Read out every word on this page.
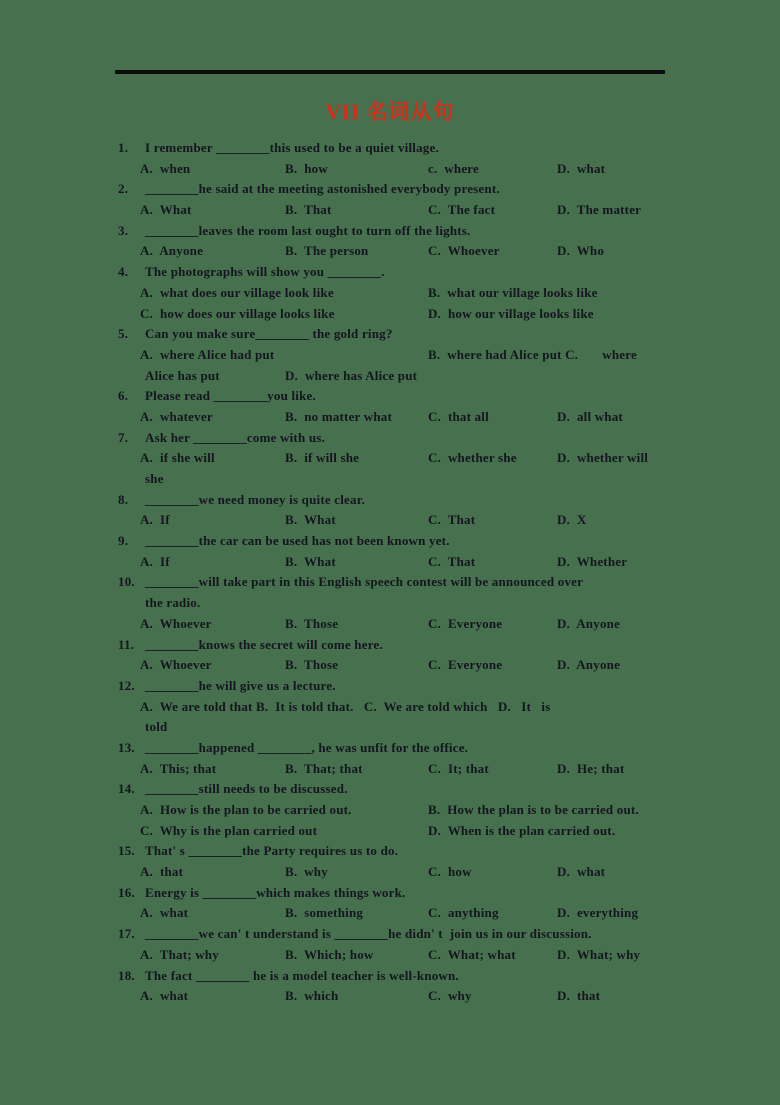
VII 名词从句
1. I remember ________this used to be a quiet village.
A.  when	B.  how	c.  where	D.  what
2. ________he said at the meeting astonished everybody present.
A.  What	B.  That	C.  The fact	D.  The matter
3. ________leaves the room last ought to turn off the lights.
A.  Anyone	B.  The person	C.  Whoever	D.  Who
4. The photographs will show you ________.
A.  what does our village look like	B.  what our village looks like
C.  how does our village looks like	D.  how our village looks like
5. Can you make sure________ the gold ring?
A.  where Alice had put	B.  where had Alice put C.       where
Alice has put	D.  where has Alice put
6. Please read ________you like.
A.  whatever	B.  no matter what	C.  that all	D.  all what
7. Ask her ________come with us.
A.  if she will	B.  if will she	C.  whether she	D.  whether will
she
8. ________we need money is quite clear.
A.  If	B.  What	C.  That	D.  X
9. ________the car can be used has not been known yet.
A.  If	B.  What	C.  That	D.  Whether
10. ________will take part in this English speech contest will be announced over
the radio.
A.  Whoever	B.  Those	C.  Everyone	D.  Anyone
11. ________knows the secret will come here.
A.  Whoever	B.  Those	C.  Everyone	D.  Anyone
12. ________he will give us a lecture.
A.  We are told that B.  It is told that.   C.  We are told which   D.   It   is
told
13. ________happened ________, he was unfit for the office.
A.  This; that	B.  That; that	C.  It; that	D.  He; that
14. ________still needs to be discussed.
A.  How is the plan to be carried out.	B.  How the plan is to be carried out.
C.  Why is the plan carried out	D.  When is the plan carried out.
15. That' s ________the Party requires us to do.
A.  that	B.  why	C.  how	D.  what
16. Energy is ________which makes things work.
A.  what	B.  something	C.  anything	D.  everything
17. ________we can' t understand is ________he didn' t  join us in our discussion.
A.  That; why	B.  Which; how	C.  What; what	D.  What; why
18. The fact ________ he is a model teacher is well-known.
A.  what	B.  which	C.  why	D.  that
